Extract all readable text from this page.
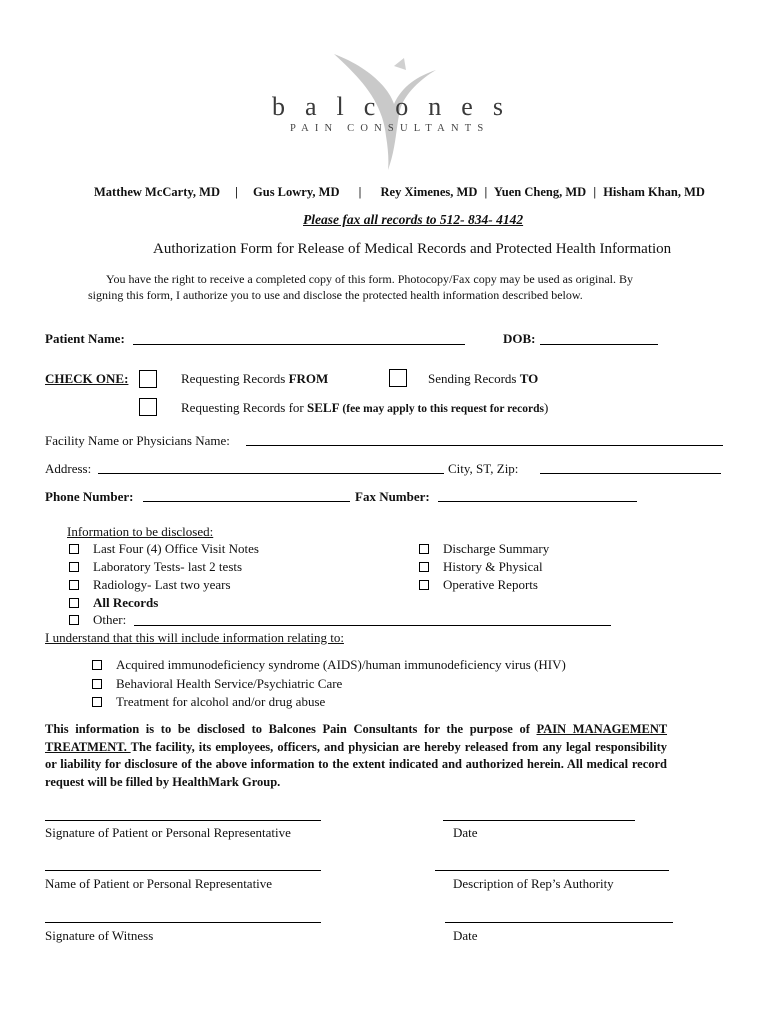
balcones
PAIN CONSULTANTS
Matthew McCarty, MD | Gus Lowry, MD | Rey Ximenes, MD | Yuen Cheng, MD | Hisham Khan, MD
Please fax all records to 512- 834- 4142
Authorization Form for Release of Medical Records and Protected Health Information
You have the right to receive a completed copy of this form. Photocopy/Fax copy may be used as original. By
signing this form, I authorize you to use and disclose the protected health information described below.
Patient Name:	DOB:
CHECK ONE:	Requesting Records FROM	Sending Records TO
Requesting Records for SELF (fee may apply to this request for records)
Facility Name or Physicians Name:
Address:	City, ST, Zip:
Phone Number:	Fax Number:
Information to be disclosed:
Last Four (4) Office Visit Notes
Laboratory Tests- last 2 tests
Radiology- Last two years
All Records
Other:
Discharge Summary
History & Physical
Operative Reports
I understand that this will include information relating to:
Acquired immunodeficiency syndrome (AIDS)/human immunodeficiency virus (HIV)
Behavioral Health Service/Psychiatric Care
Treatment for alcohol and/or drug abuse
This information is to be disclosed to Balcones Pain Consultants for the purpose of PAIN MANAGEMENT TREATMENT. The facility, its employees, officers, and physician are hereby released from any legal responsibility or liability for disclosure of the above information to the extent indicated and authorized herein. All medical record request will be filled by HealthMark Group.
Signature of Patient or Personal Representative	Date
Name of Patient or Personal Representative	Description of Rep’s Authority
Signature of Witness	Date
